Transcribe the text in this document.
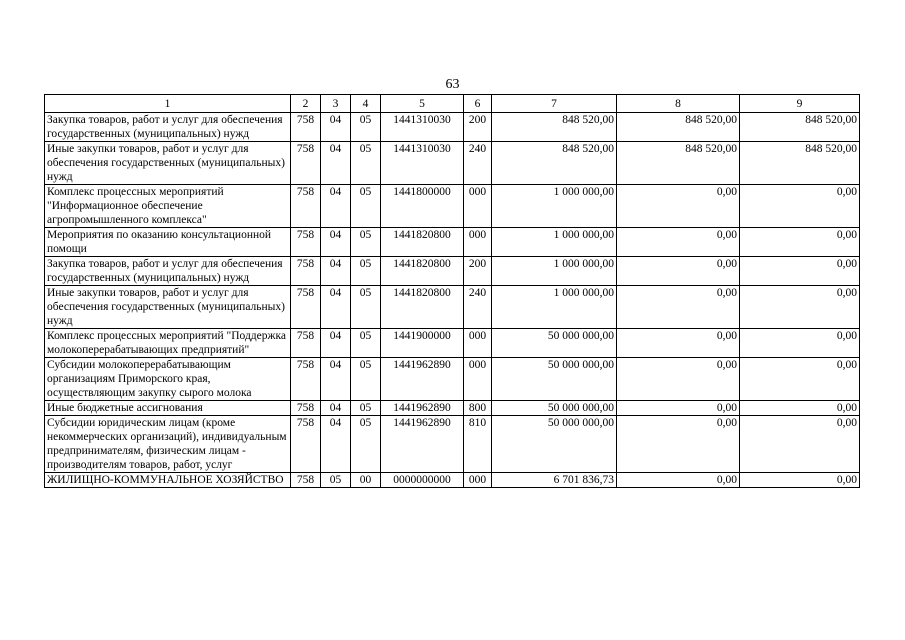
63
1	2	3	4	5	6	7	8	9
Закупка товаров, работ и услуг для обеспечения государственных (муниципальных) нужд	758	04	05	1441310030	200	848 520,00	848 520,00	848 520,00
Иные закупки товаров, работ и услуг для обеспечения государственных (муниципальных) нужд	758	04	05	1441310030	240	848 520,00	848 520,00	848 520,00
Комплекс процессных мероприятий "Информационное обеспечение агропромышленного комплекса"	758	04	05	1441800000	000	1 000 000,00	0,00	0,00
Мероприятия по оказанию консультационной помощи	758	04	05	1441820800	000	1 000 000,00	0,00	0,00
Закупка товаров, работ и услуг для обеспечения государственных (муниципальных) нужд	758	04	05	1441820800	200	1 000 000,00	0,00	0,00
Иные закупки товаров, работ и услуг для обеспечения государственных (муниципальных) нужд	758	04	05	1441820800	240	1 000 000,00	0,00	0,00
Комплекс процессных мероприятий "Поддержка молокоперерабатывающих предприятий"	758	04	05	1441900000	000	50 000 000,00	0,00	0,00
Субсидии молокоперерабатывающим организациям Приморского края, осуществляющим закупку сырого молока	758	04	05	1441962890	000	50 000 000,00	0,00	0,00
Иные бюджетные ассигнования	758	04	05	1441962890	800	50 000 000,00	0,00	0,00
Субсидии юридическим лицам (кроме некоммерческих организаций), индивидуальным предпринимателям, физическим лицам - производителям товаров, работ, услуг	758	04	05	1441962890	810	50 000 000,00	0,00	0,00
ЖИЛИЩНО-КОММУНАЛЬНОЕ ХОЗЯЙСТВО	758	05	00	0000000000	000	6 701 836,73	0,00	0,00
